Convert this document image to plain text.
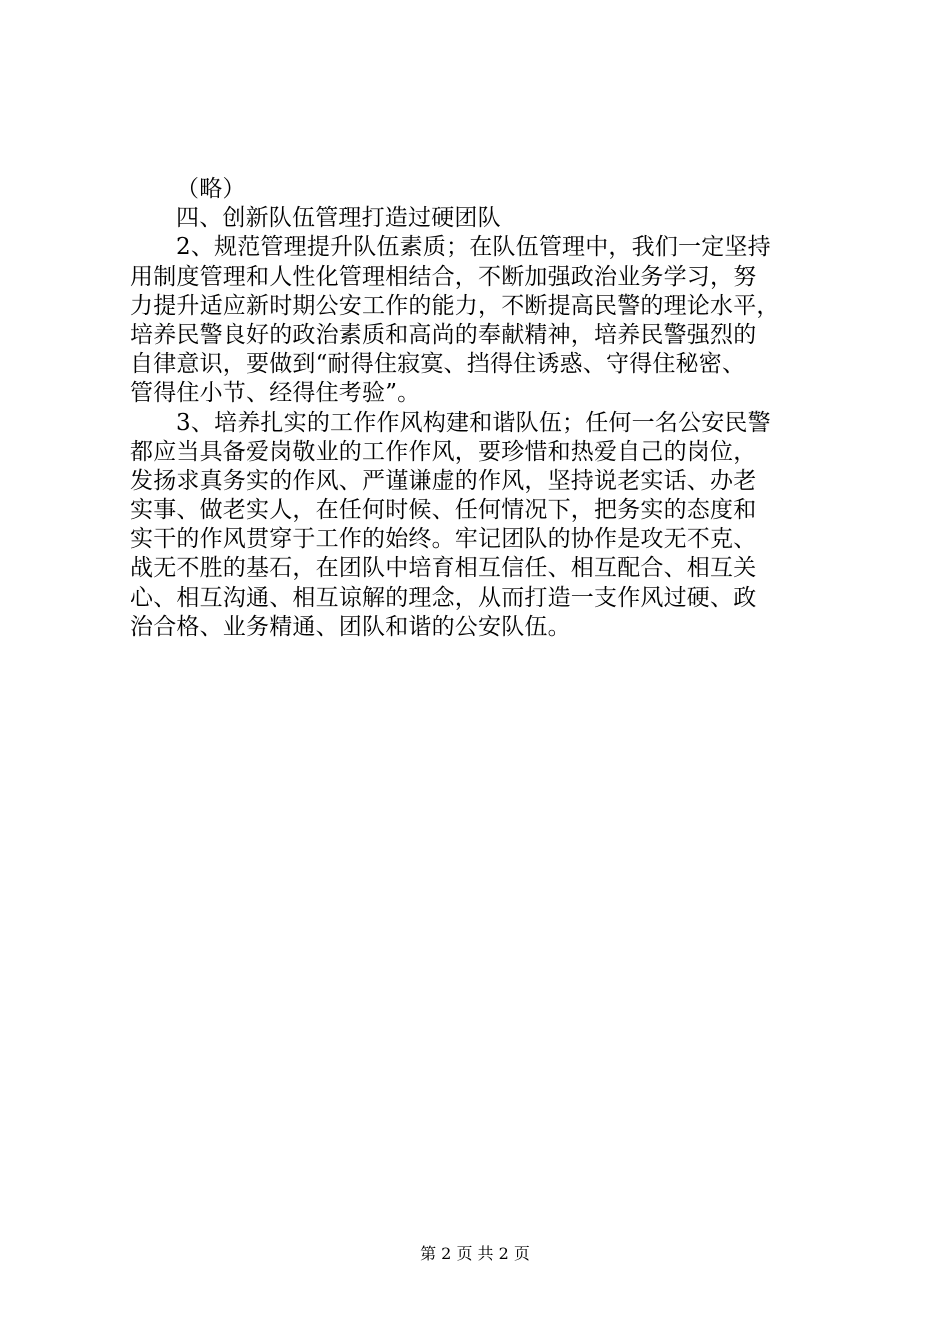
（略）
四、创新队伍管理打造过硬团队
2、规范管理提升队伍素质；在队伍管理中，我们一定坚持
用制度管理和人性化管理相结合，不断加强政治业务学习，努
力提升适应新时期公安工作的能力，不断提高民警的理论水平，
培养民警良好的政治素质和高尚的奉献精神，培养民警强烈的
自律意识，要做到“耐得住寂寞、挡得住诱惑、守得住秘密、
管得住小节、经得住考验”。
3、培养扎实的工作作风构建和谐队伍；任何一名公安民警
都应当具备爱岗敬业的工作作风，要珍惜和热爱自己的岗位，
发扬求真务实的作风、严谨谦虚的作风，坚持说老实话、办老
实事、做老实人，在任何时候、任何情况下，把务实的态度和
实干的作风贯穿于工作的始终。牢记团队的协作是攻无不克、
战无不胜的基石，在团队中培育相互信任、相互配合、相互关
心、相互沟通、相互谅解的理念，从而打造一支作风过硬、政
治合格、业务精通、团队和谐的公安队伍。
第 2 页 共 2 页
